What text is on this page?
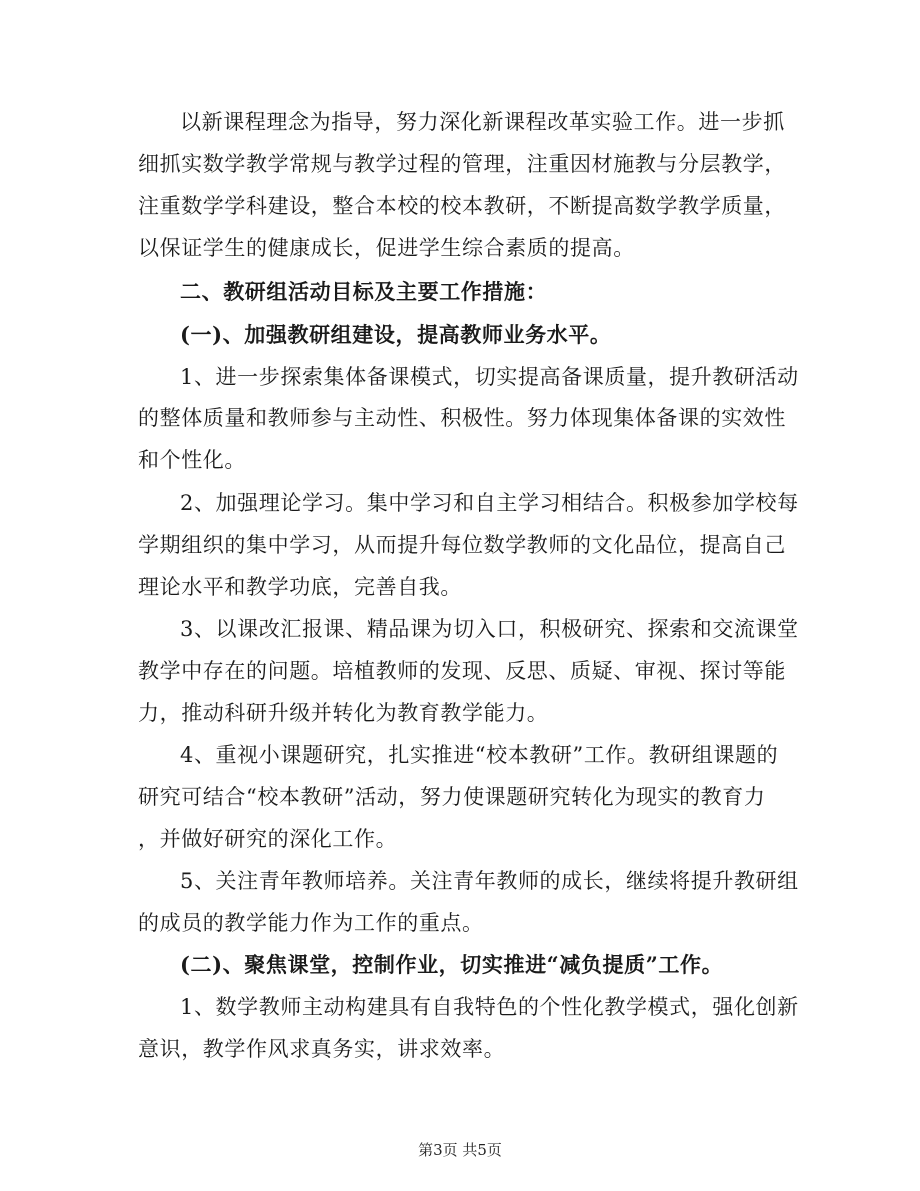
以新课程理念为指导，努力深化新课程改革实验工作。进一步抓
细抓实数学教学常规与教学过程的管理，注重因材施教与分层教学，
注重数学学科建设，整合本校的校本教研，不断提高数学教学质量，
以保证学生的健康成长，促进学生综合素质的提高。
二、教研组活动目标及主要工作措施：
(一)、加强教研组建设，提高教师业务水平。
1、进一步探索集体备课模式，切实提高备课质量，提升教研活动
的整体质量和教师参与主动性、积极性。努力体现集体备课的实效性
和个性化。
2、加强理论学习。集中学习和自主学习相结合。积极参加学校每
学期组织的集中学习，从而提升每位数学教师的文化品位，提高自己
理论水平和教学功底，完善自我。
3、以课改汇报课、精品课为切入口，积极研究、探索和交流课堂
教学中存在的问题。培植教师的发现、反思、质疑、审视、探讨等能
力，推动科研升级并转化为教育教学能力。
4、重视小课题研究，扎实推进“校本教研”工作。教研组课题的
研究可结合“校本教研”活动，努力使课题研究转化为现实的教育力
，并做好研究的深化工作。
5、关注青年教师培养。关注青年教师的成长，继续将提升教研组
的成员的教学能力作为工作的重点。
(二)、聚焦课堂，控制作业，切实推进“减负提质”工作。
1、数学教师主动构建具有自我特色的个性化教学模式，强化创新
意识，教学作风求真务实，讲求效率。
第3页 共5页
